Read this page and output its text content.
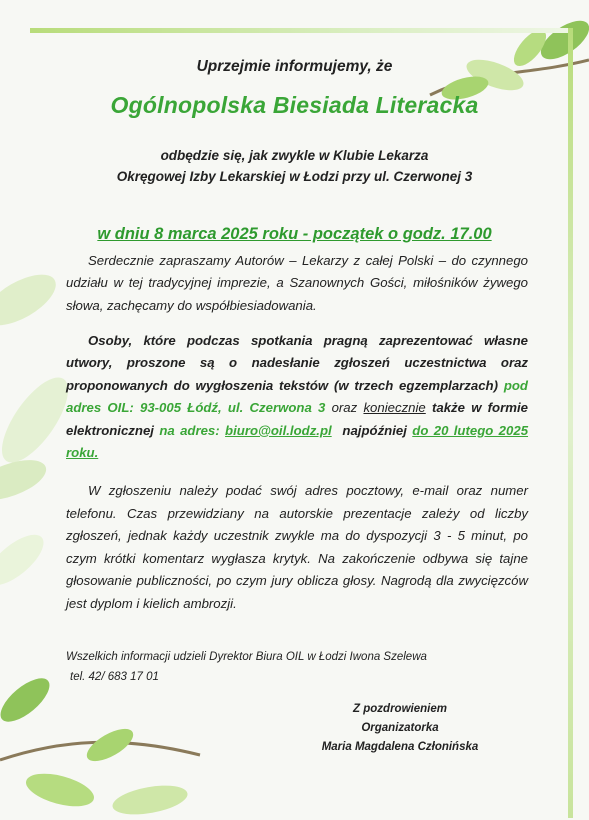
Uprzejmie informujemy, że
Ogólnopolska Biesiada Literacka
odbędzie się, jak zwykle w Klubie Lekarza
Okręgowej Izby Lekarskiej w Łodzi przy ul. Czerwonej 3
w dniu 8 marca 2025 roku - początek o godz. 17.00

Serdecznie zapraszamy Autorów – Lekarzy z całej Polski – do czynnego udziału w tej tradycyjnej imprezie, a Szanownych Gości, miłośników żywego słowa, zachęcamy do współbiesiadowania.

Osoby, które podczas spotkania pragną zaprezentować własne utwory, proszone są o nadesłanie zgłoszeń uczestnictwa oraz proponowanych do wygłoszenia tekstów (w trzech egzemplarzach) pod adres OIL: 93-005 Łódź, ul. Czerwona 3 oraz koniecznie także w formie elektronicznej na adres: biuro@oil.lodz.pl najpóźniej do 20 lutego 2025 roku.

W zgłoszeniu należy podać swój adres pocztowy, e-mail oraz numer telefonu. Czas przewidziany na autorskie prezentacje zależy od liczby zgłoszeń, jednak każdy uczestnik zwykle ma do dyspozycji 3 - 5 minut, po czym krótki komentarz wygłasza krytyk. Na zakończenie odbywa się tajne głosowanie publiczności, po czym jury oblicza głosy. Nagrodą dla zwycięzców jest dyplom i kielich ambrozji.

Wszelkich informacji udzieli Dyrektor Biura OIL w Łodzi Iwona Szelewa
tel. 42/ 683 17 01
Z pozdrowieniem
Organizatorka
Maria Magdalena Członińska
